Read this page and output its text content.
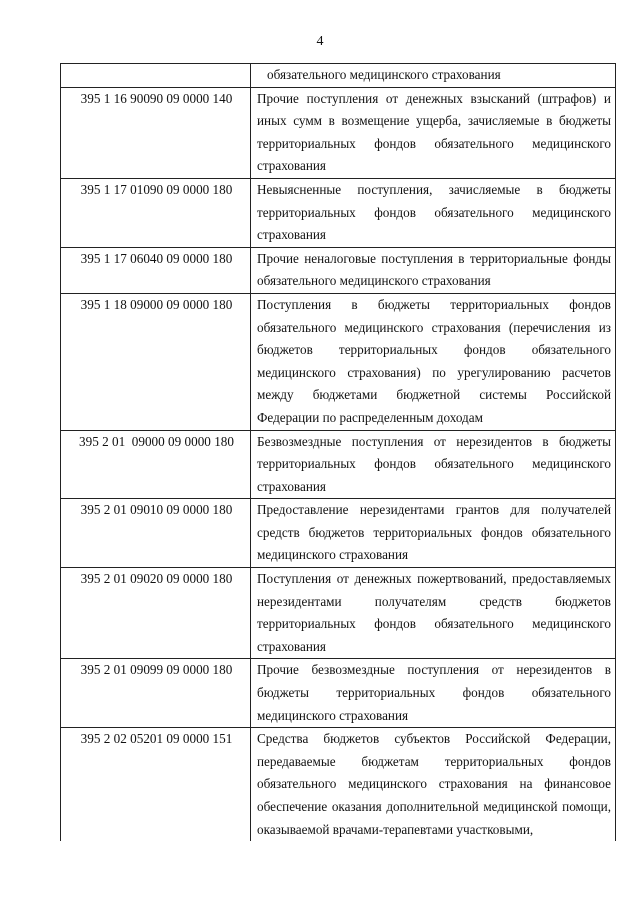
4
	обязательного медицинского страхования
395 1 16 90090 09 0000 140	Прочие поступления от денежных взысканий (штрафов) и иных сумм в возмещение ущерба, зачисляемые в бюджеты территориальных фондов обязательного медицинского страхования
395 1 17 01090 09 0000 180	Невыясненные поступления, зачисляемые в бюджеты территориальных фондов обязательного медицинского страхования
395 1 17 06040 09 0000 180	Прочие неналоговые поступления в территориальные фонды обязательного медицинского страхования
395 1 18 09000 09 0000 180	Поступления в бюджеты территориальных фондов обязательного медицинского страхования (перечисления из бюджетов территориальных фондов обязательного медицинского страхования) по урегулированию расчетов между бюджетами бюджетной системы Российской Федерации по распределенным доходам
395 2 01  09000 09 0000 180	Безвозмездные поступления от нерезидентов в бюджеты территориальных фондов обязательного медицинского страхования
395 2 01 09010 09 0000 180	Предоставление нерезидентами грантов для получателей средств бюджетов территориальных фондов обязательного медицинского страхования
395 2 01 09020 09 0000 180	Поступления от денежных пожертвований, предоставляемых нерезидентами получателям средств бюджетов территориальных фондов обязательного медицинского страхования
395 2 01 09099 09 0000 180	Прочие безвозмездные поступления от нерезидентов в бюджеты территориальных фондов обязательного медицинского страхования
395 2 02 05201 09 0000 151	Средства бюджетов субъектов Российской Федерации, передаваемые бюджетам территориальных фондов обязательного медицинского страхования на финансовое обеспечение оказания дополнительной медицинской помощи, оказываемой врачами-терапевтами участковыми,
